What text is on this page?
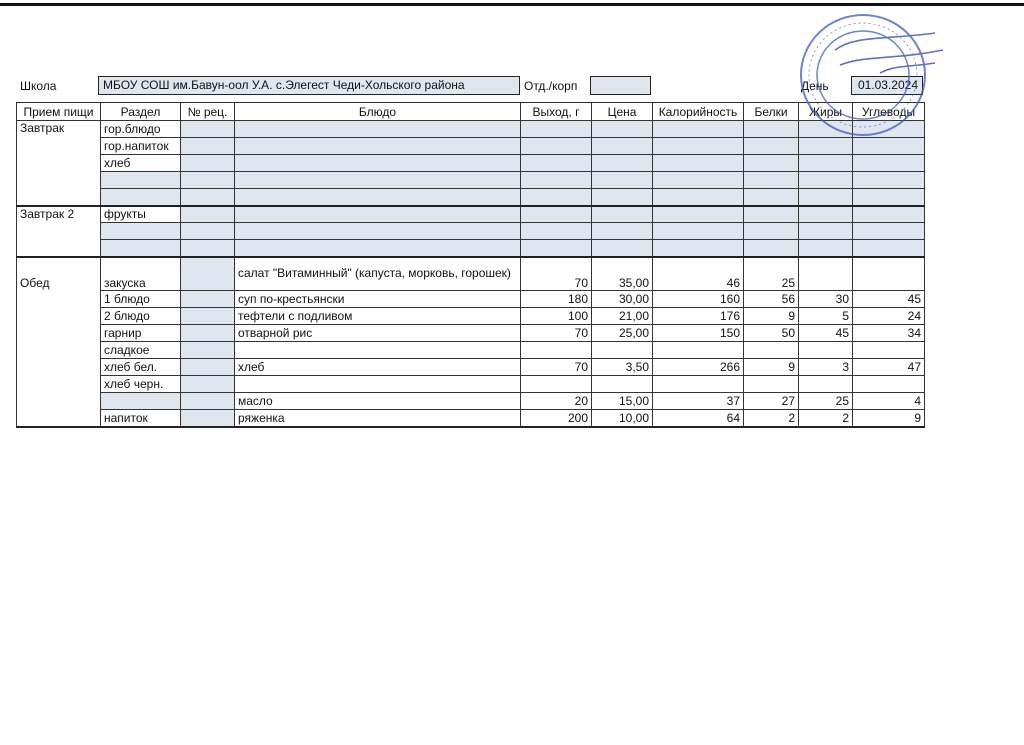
Школа	МБОУ СОШ им.Бавун-оол У.А. с.Элегест Чеди-Хольского района	Отд./корп	День	01.03.2024
Прием пищи	Раздел	№ рец.	Блюдо	Выход, г	Цена	Калорийность	Белки	Жиры	Углеводы
Завтрак	гор.блюдо								
	гор.напиток								
	хлеб								

Завтрак 2	фрукты								

Обед	закуска		салат "Витаминный" (капуста, морковь, горошек)	70	35,00	46	25		
	1 блюдо		суп по-крестьянски	180	30,00	160	56	30	45
	2 блюдо		тефтели с подливом	100	21,00	176	9	5	24
	гарнир		отварной рис	70	25,00	150	50	45	34
	сладкое								
	хлеб бел.		хлеб	70	3,50	266	9	3	47
	хлеб черн.								
			масло	20	15,00	37	27	25	4
	напиток		ряженка	200	10,00	64	2	2	9
